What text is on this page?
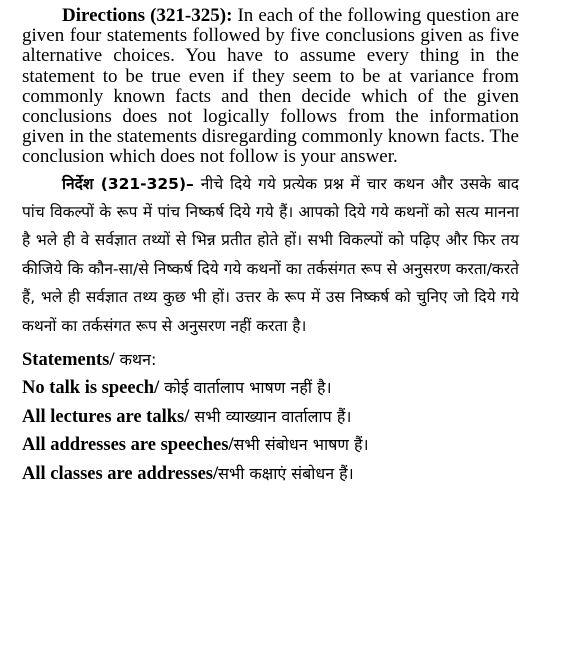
Directions (321-325): In each of the following question are given four statements followed by five conclusions given as five alternative choices. You have to assume every thing in the statement to be true even if they seem to be at variance from commonly known facts and then decide which of the given conclusions does not logically follows from the information given in the statements disregarding commonly known facts. The conclusion which does not follow is your answer.

निर्देश (321-325)– नीचे दिये गये प्रत्येक प्रश्न में चार कथन और उसके बाद पांच विकल्पों के रूप में पांच निष्कर्ष दिये गये हैं। आपको दिये गये कथनों को सत्य मानना है भले ही वे सर्वज्ञात तथ्यों से भिन्न प्रतीत होते हों। सभी विकल्पों को पढ़िए और फिर तय कीजिये कि कौन-सा/से निष्कर्ष दिये गये कथनों का तर्कसंगत रूप से अनुसरण करता/करते हैं, भले ही सर्वज्ञात तथ्य कुछ भी हों। उत्तर के रूप में उस निष्कर्ष को चुनिए जो दिये गये कथनों का तर्कसंगत रूप से अनुसरण नहीं करता है।

Statements/ कथन:
No talk is speech/ कोई वार्तालाप भाषण नहीं है।
All lectures are talks/ सभी व्याख्यान वार्तालाप हैं।
All addresses are speeches/सभी संबोधन भाषण हैं।
All classes are addresses/सभी कक्षाएं संबोधन हैं।
